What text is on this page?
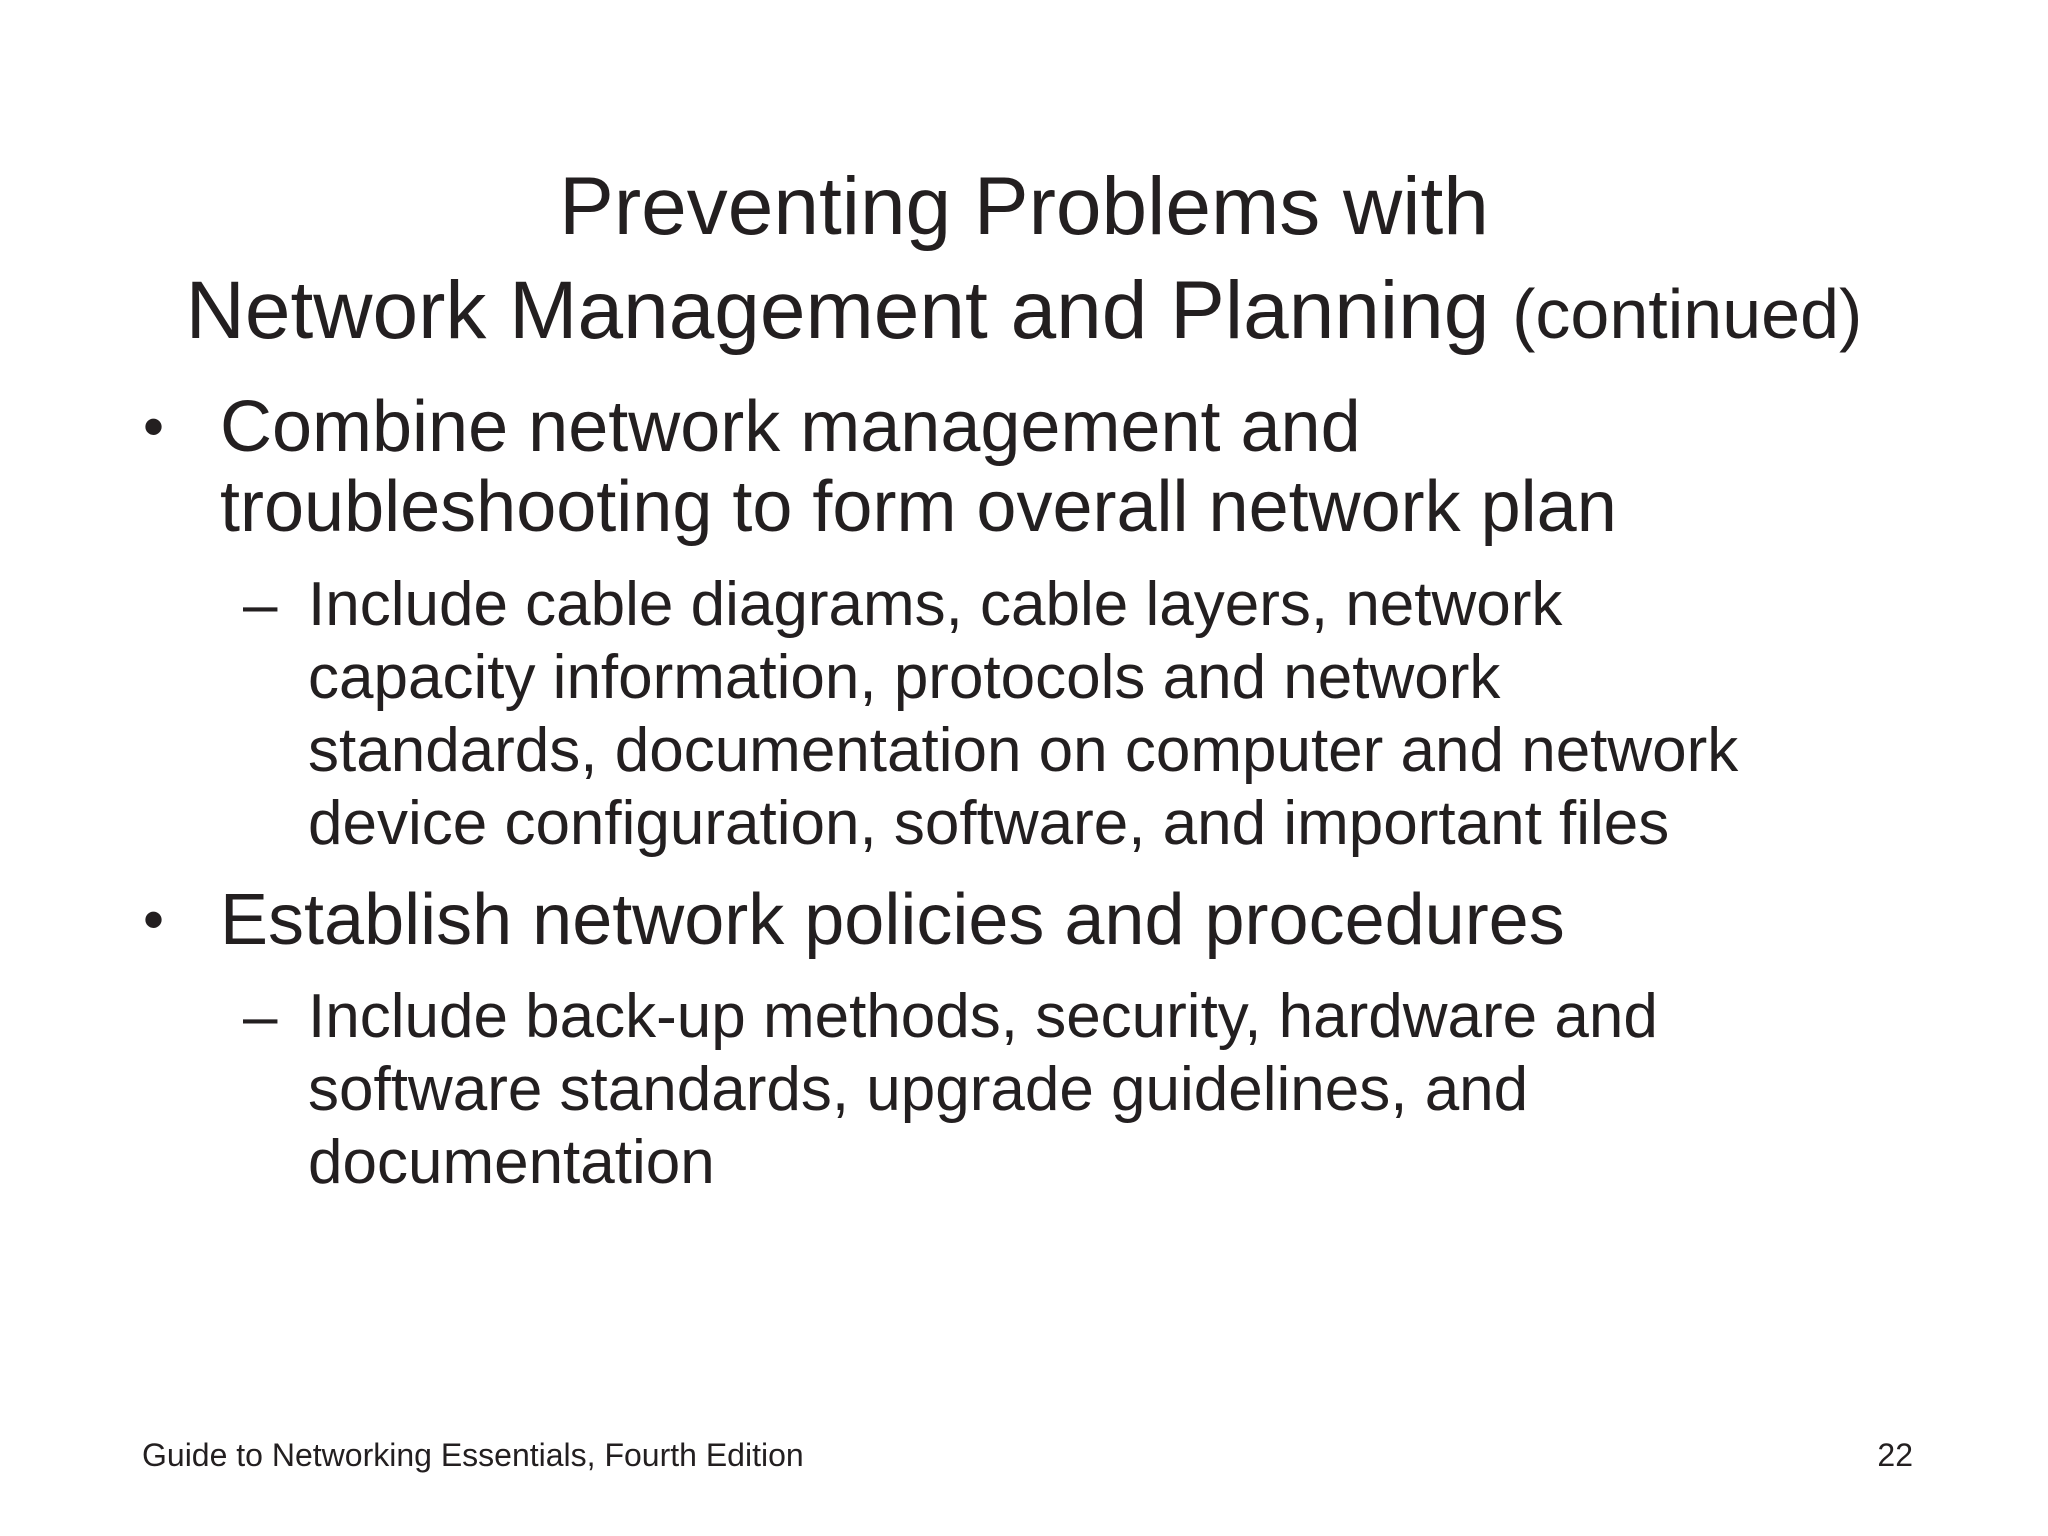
Preventing Problems with
Network Management and Planning (continued)
• Combine network management and
troubleshooting to form overall network plan
– Include cable diagrams, cable layers, network
capacity information, protocols and network
standards, documentation on computer and network
device configuration, software, and important files
• Establish network policies and procedures
– Include back-up methods, security, hardware and
software standards, upgrade guidelines, and
documentation
Guide to Networking Essentials, Fourth Edition	22
